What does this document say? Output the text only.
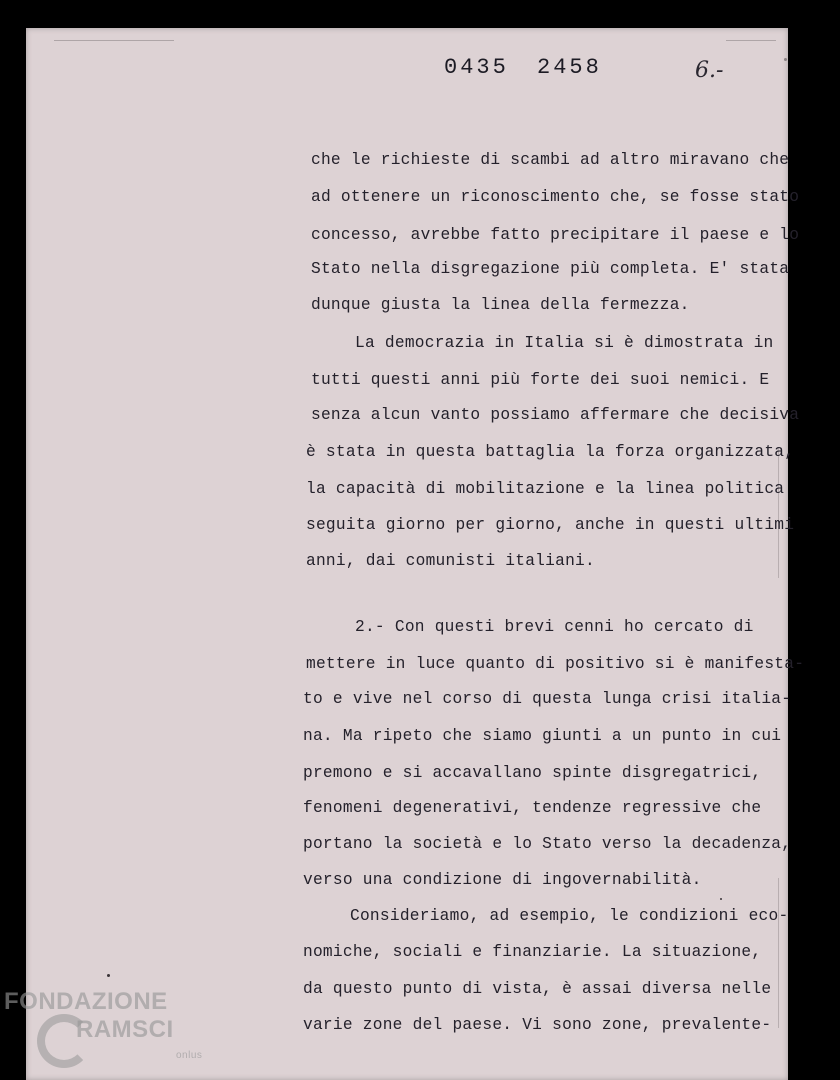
0435 2458	6.-
che le richieste di scambi ad altro miravano che
ad ottenere un riconoscimento che, se fosse stato
concesso, avrebbe fatto precipitare il paese e lo
Stato nella disgregazione più completa. E' stata
dunque giusta la linea della fermezza.
La democrazia in Italia si è dimostrata in
tutti questi anni più forte dei suoi nemici. E
senza alcun vanto possiamo affermare che decisiva
è stata in questa battaglia la forza organizzata,
la capacità di mobilitazione e la linea politica
seguita giorno per giorno, anche in questi ultimi
anni, dai comunisti italiani.
2.- Con questi brevi cenni ho cercato di
mettere in luce quanto di positivo si è manifesta-
to e vive nel corso di questa lunga crisi italia-
na. Ma ripeto che siamo giunti a un punto in cui
premono e si accavallano spinte disgregatrici,
fenomeni degenerativi, tendenze regressive che
portano la società e lo Stato verso la decadenza,
verso una condizione di ingovernabilità.
Consideriamo, ad esempio, le condizioni eco-
nomiche, sociali e finanziarie. La situazione,
da questo punto di vista, è assai diversa nelle
varie zone del paese. Vi sono zone, prevalente-
FONDAZIONE
RAMSCI
onlus
